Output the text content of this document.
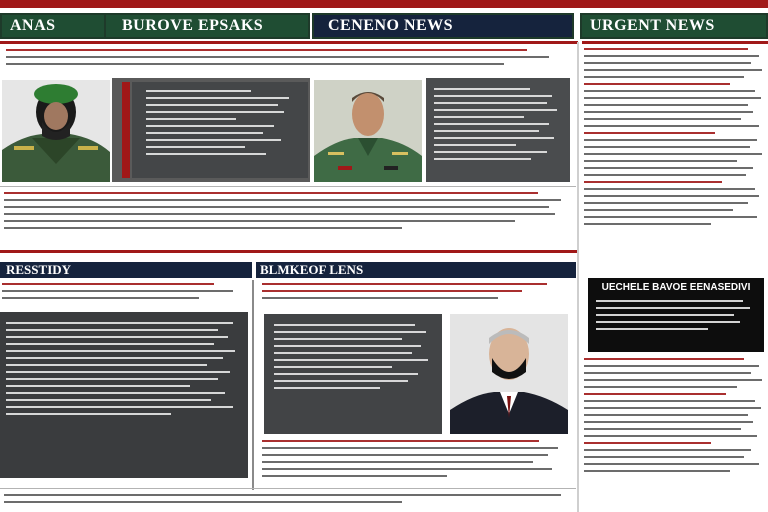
ANAS	BUROVE EPSAKS	CENENO NEWS	URGENT NEWS
RESSTIDY	BLMKEOF LENS
UECHELE BAVOE EENASEDIVI
